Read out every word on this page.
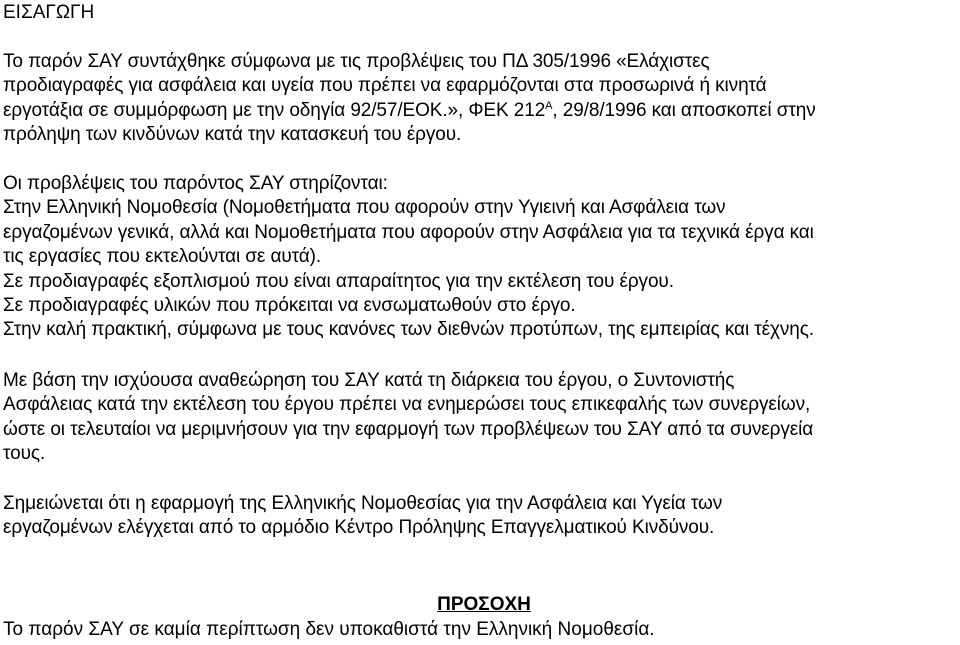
ΕΙΣΑΓΩΓΗ
Το παρόν ΣΑΥ συντάχθηκε σύμφωνα με τις προβλέψεις του ΠΔ 305/1996 «Ελάχιστες
προδιαγραφές για ασφάλεια και υγεία που πρέπει να εφαρμόζονται στα προσωρινά ή κινητά
εργοτάξια σε συμμόρφωση με την οδηγία 92/57/ΕΟΚ.», ΦΕΚ $212^A$, 29/8/1996 και αποσκοπεί στην
πρόληψη των κινδύνων κατά την κατασκευή του έργου.
Οι προβλέψεις του παρόντος ΣΑΥ στηρίζονται:
Στην Ελληνική Νομοθεσία (Νομοθετήματα που αφορούν στην Υγιεινή και Ασφάλεια των
εργαζομένων γενικά, αλλά και Νομοθετήματα που αφορούν στην Ασφάλεια για τα τεχνικά έργα και
τις εργασίες που εκτελούνται σε αυτά).
Σε προδιαγραφές εξοπλισμού που είναι απαραίτητος για την εκτέλεση του έργου.
Σε προδιαγραφές υλικών που πρόκειται να ενσωματωθούν στο έργο.
Στην καλή πρακτική, σύμφωνα με τους κανόνες των διεθνών προτύπων, της εμπειρίας και τέχνης.
Με βάση την ισχύουσα αναθεώρηση του ΣΑΥ κατά τη διάρκεια του έργου, ο Συντονιστής
Ασφάλειας κατά την εκτέλεση του έργου πρέπει να ενημερώσει τους επικεφαλής των συνεργείων,
ώστε οι τελευταίοι να μεριμνήσουν για την εφαρμογή των προβλέψεων του ΣΑΥ από τα συνεργεία
τους.
Σημειώνεται ότι η εφαρμογή της Ελληνικής Νομοθεσίας για την Ασφάλεια και Υγεία των
εργαζομένων ελέγχεται από το αρμόδιο Κέντρο Πρόληψης Επαγγελματικού Κινδύνου.
ΠΡΟΣΟΧΗ
Το παρόν ΣΑΥ σε καμία περίπτωση δεν υποκαθιστά την Ελληνική Νομοθεσία.
